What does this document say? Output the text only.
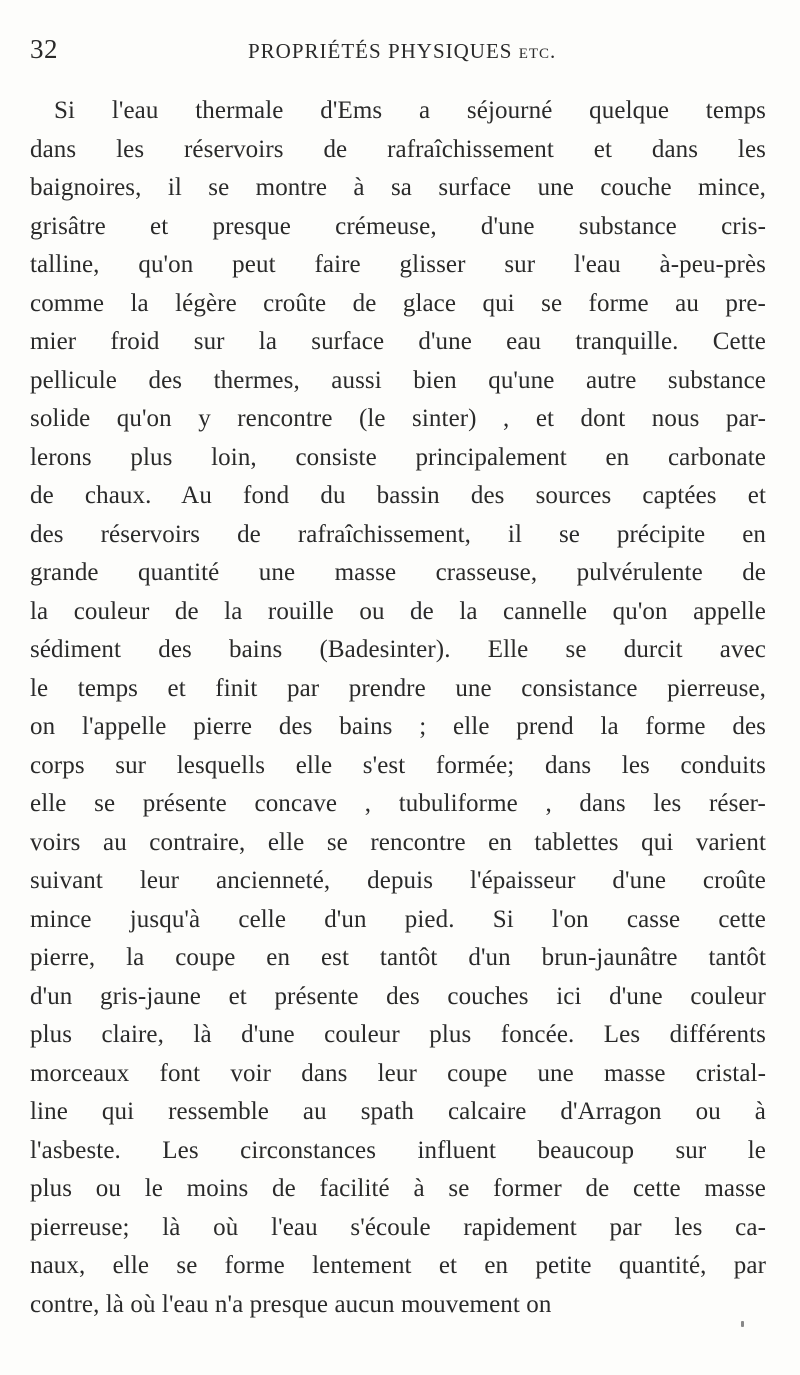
32	PROPRIÉTÉS PHYSIQUES etc.
Si l'eau thermale d'Ems a séjourné quelque temps
dans les réservoirs de rafraîchissement et dans les
baignoires, il se montre à sa surface une couche mince,
grisâtre et presque crémeuse, d'une substance cris-
talline, qu'on peut faire glisser sur l'eau à-peu-près
comme la légère croûte de glace qui se forme au pre-
mier froid sur la surface d'une eau tranquille. Cette
pellicule des thermes, aussi bien qu'une autre substance
solide qu'on y rencontre (le sinter) , et dont nous par-
lerons plus loin, consiste principalement en carbonate
de chaux. Au fond du bassin des sources captées et
des réservoirs de rafraîchissement, il se précipite en
grande quantité une masse crasseuse, pulvérulente de
la couleur de la rouille ou de la cannelle qu'on appelle
sédiment des bains (Badesinter). Elle se durcit avec
le temps et finit par prendre une consistance pierreuse,
on l'appelle pierre des bains ; elle prend la forme des
corps sur lesquells elle s'est formée; dans les conduits
elle se présente concave , tubuliforme , dans les réser-
voirs au contraire, elle se rencontre en tablettes qui varient
suivant leur ancienneté, depuis l'épaisseur d'une croûte
mince jusqu'à celle d'un pied. Si l'on casse cette
pierre, la coupe en est tantôt d'un brun-jaunâtre tantôt
d'un gris-jaune et présente des couches ici d'une couleur
plus claire, là d'une couleur plus foncée. Les différents
morceaux font voir dans leur coupe une masse cristal-
line qui ressemble au spath calcaire d'Arragon ou à
l'asbeste. Les circonstances influent beaucoup sur le
plus ou le moins de facilité à se former de cette masse
pierreuse; là où l'eau s'écoule rapidement par les ca-
naux, elle se forme lentement et en petite quantité, par
contre, là où l'eau n'a presque aucun mouvement on
